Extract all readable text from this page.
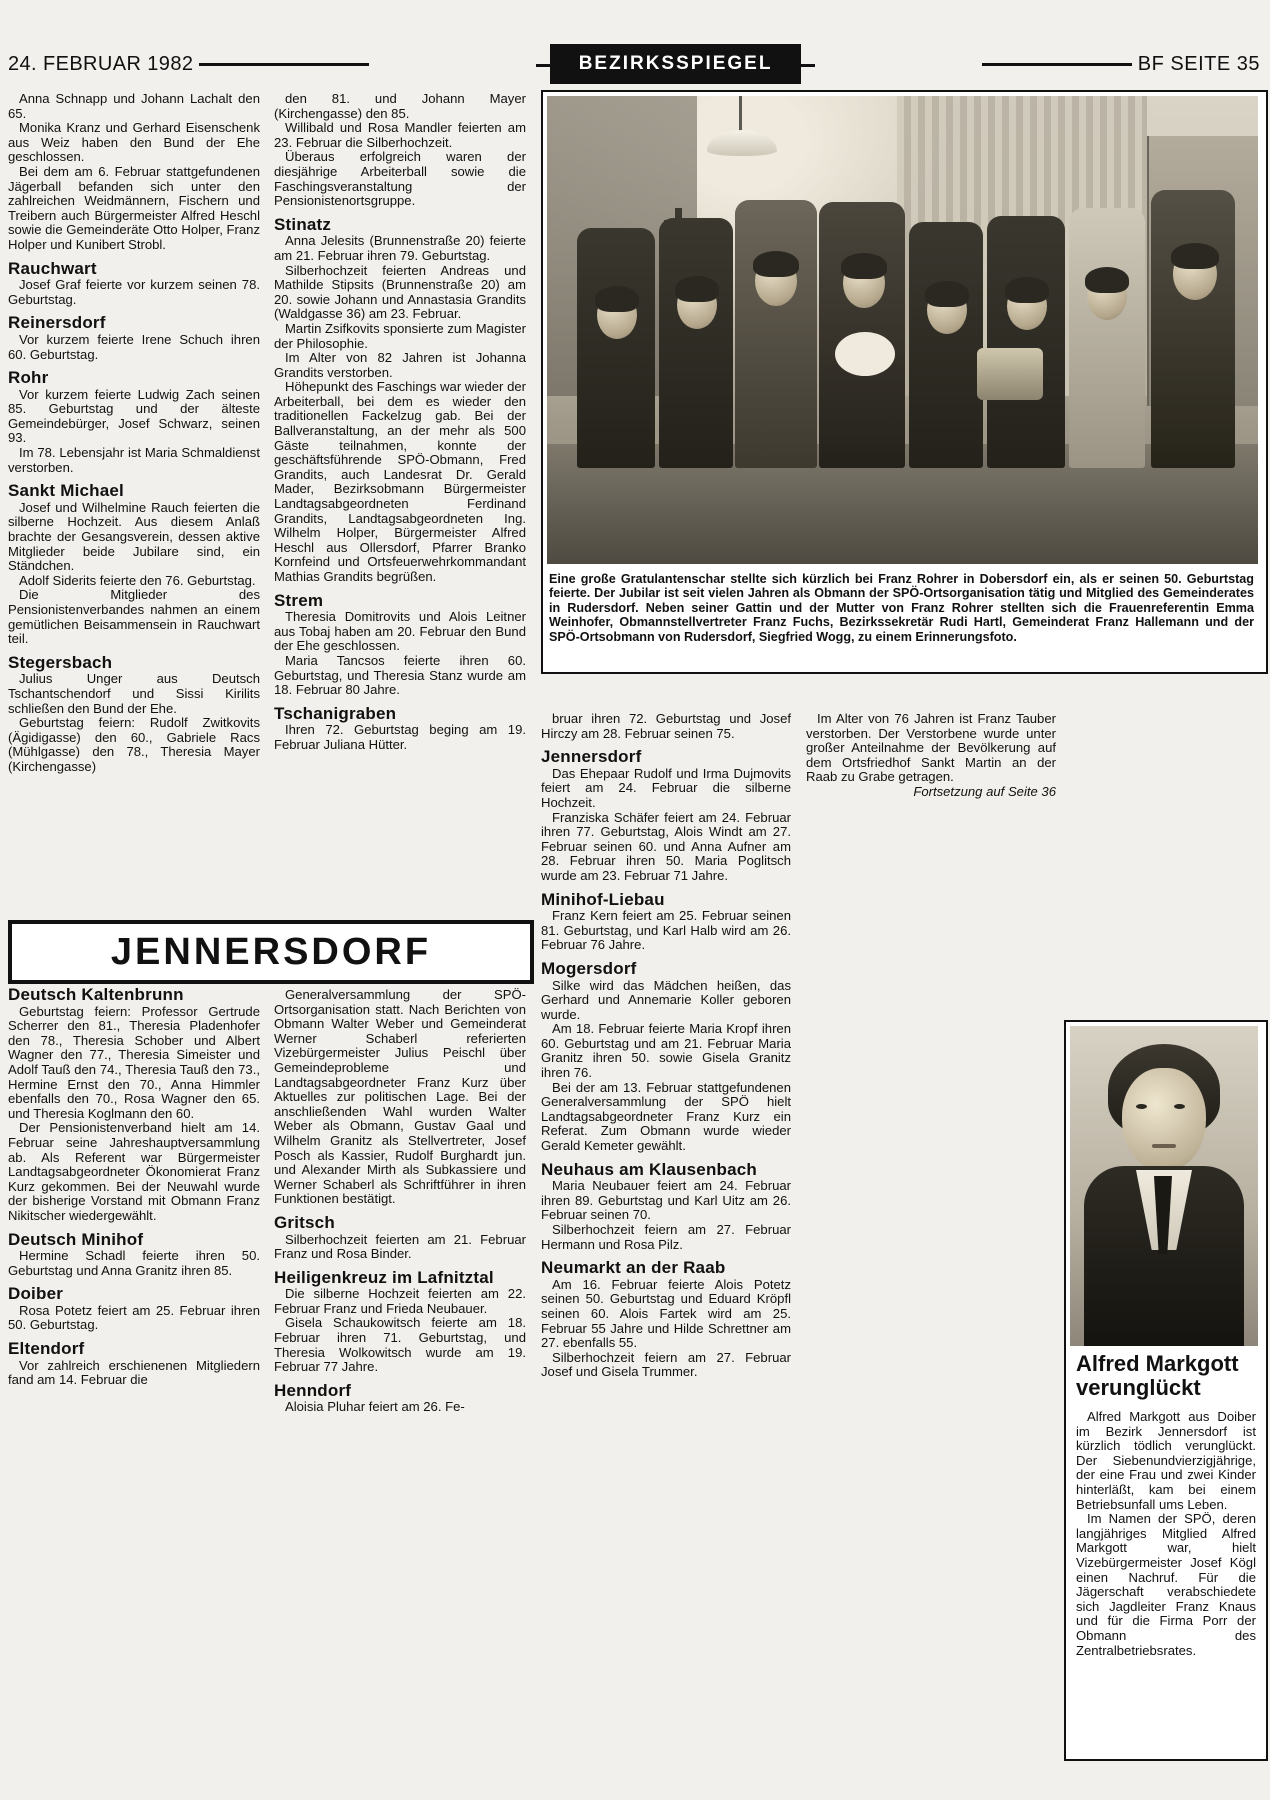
24. FEBRUAR 1982	BEZIRKSSPIEGEL	BF SEITE 35
Eine große Gratulantenschar stellte sich kürzlich bei Franz Rohrer in Dobersdorf ein, als er seinen 50. Geburtstag feierte. Der Jubilar ist seit vielen Jahren als Obmann der SPÖ-Ortsorganisation tätig und Mitglied des Gemeinderates in Rudersdorf. Neben seiner Gattin und der Mutter von Franz Rohrer stellten sich die Frauenreferentin Emma Weinhofer, Obmannstellvertreter Franz Fuchs, Bezirkssekretär Rudi Hartl, Gemeinderat Franz Hallemann und der SPÖ-Ortsobmann von Rudersdorf, Siegfried Wogg, zu einem Erinnerungsfoto.
JENNERSDORF

Anna Schnapp und Johann Lachalt den 65.

Monika Kranz und Gerhard Eisenschenk aus Weiz haben den Bund der Ehe geschlossen.

Bei dem am 6. Februar stattgefundenen Jägerball befanden sich unter den zahlreichen Weidmännern, Fischern und Treibern auch Bürgermeister Alfred Heschl sowie die Gemeinderäte Otto Holper, Franz Holper und Kunibert Strobl.

Rauchwart

Josef Graf feierte vor kurzem seinen 78. Geburtstag.

Reinersdorf

Vor kurzem feierte Irene Schuch ihren 60. Geburtstag.

Rohr

Vor kurzem feierte Ludwig Zach seinen 85. Geburtstag und der älteste Gemeindebürger, Josef Schwarz, seinen 93.

Im 78. Lebensjahr ist Maria Schmaldienst verstorben.

Sankt Michael

Josef und Wilhelmine Rauch feierten die silberne Hochzeit. Aus diesem Anlaß brachte der Gesangsverein, dessen aktive Mitglieder beide Jubilare sind, ein Ständchen.

Adolf Siderits feierte den 76. Geburtstag.

Die Mitglieder des Pensionistenverbandes nahmen an einem gemütlichen Beisammensein in Rauchwart teil.

Stegersbach

Julius Unger aus Deutsch Tschantschendorf und Sissi Kirilits schließen den Bund der Ehe.

Geburtstag feiern: Rudolf Zwitkovits (Ägidigasse) den 60., Gabriele Racs (Mühlgasse) den 78., Theresia Mayer (Kirchengasse)

den 81. und Johann Mayer (Kirchengasse) den 85.

Willibald und Rosa Mandler feierten am 23. Februar die Silberhochzeit.

Überaus erfolgreich waren der diesjährige Arbeiterball sowie die Faschingsveranstaltung der Pensionistenortsgruppe.

Stinatz

Anna Jelesits (Brunnenstraße 20) feierte am 21. Februar ihren 79. Geburtstag.

Silberhochzeit feierten Andreas und Mathilde Stipsits (Brunnenstraße 20) am 20. sowie Johann und Annastasia Grandits (Waldgasse 36) am 23. Februar.

Martin Zsifkovits sponsierte zum Magister der Philosophie.

Im Alter von 82 Jahren ist Johanna Grandits verstorben.

Höhepunkt des Faschings war wieder der Arbeiterball, bei dem es wieder den traditionellen Fackelzug gab. Bei der Ballveranstaltung, an der mehr als 500 Gäste teilnahmen, konnte der geschäftsführende SPÖ-Obmann, Fred Grandits, auch Landesrat Dr. Gerald Mader, Bezirksobmann Bürgermeister Landtagsabgeordneten Ferdinand Grandits, Landtagsabgeordneten Ing. Wilhelm Holper, Bürgermeister Alfred Heschl aus Ollersdorf, Pfarrer Branko Kornfeind und Ortsfeuerwehrkommandant Mathias Grandits begrüßen.

Strem

Theresia Domitrovits und Alois Leitner aus Tobaj haben am 20. Februar den Bund der Ehe geschlossen.

Maria Tancsos feierte ihren 60. Geburtstag, und Theresia Stanz wurde am 18. Februar 80 Jahre.

Tschanigraben

Ihren 72. Geburtstag beging am 19. Februar Juliana Hütter.

bruar ihren 72. Geburtstag und Josef Hirczy am 28. Februar seinen 75.

Jennersdorf

Das Ehepaar Rudolf und Irma Dujmovits feiert am 24. Februar die silberne Hochzeit.

Franziska Schäfer feiert am 24. Februar ihren 77. Geburtstag, Alois Windt am 27. Februar seinen 60. und Anna Aufner am 28. Februar ihren 50. Maria Poglitsch wurde am 23. Februar 71 Jahre.

Minihof-Liebau

Franz Kern feiert am 25. Februar seinen 81. Geburtstag, und Karl Halb wird am 26. Februar 76 Jahre.

Mogersdorf

Silke wird das Mädchen heißen, das Gerhard und Annemarie Koller geboren wurde.

Am 18. Februar feierte Maria Kropf ihren 60. Geburtstag und am 21. Februar Maria Granitz ihren 50. sowie Gisela Granitz ihren 76.

Bei der am 13. Februar stattgefundenen Generalversammlung der SPÖ hielt Landtagsabgeordneter Franz Kurz ein Referat. Zum Obmann wurde wieder Gerald Kemeter gewählt.

Neuhaus am Klausenbach

Maria Neubauer feiert am 24. Februar ihren 89. Geburtstag und Karl Uitz am 26. Februar seinen 70.

Silberhochzeit feiern am 27. Februar Hermann und Rosa Pilz.

Neumarkt an der Raab

Am 16. Februar feierte Alois Potetz seinen 50. Geburtstag und Eduard Kröpfl seinen 60. Alois Fartek wird am 25. Februar 55 Jahre und Hilde Schrettner am 27. ebenfalls 55.

Silberhochzeit feiern am 27. Februar Josef und Gisela Trummer.

Im Alter von 76 Jahren ist Franz Tauber verstorben. Der Verstorbene wurde unter großer Anteilnahme der Bevölkerung auf dem Ortsfriedhof Sankt Martin an der Raab zu Grabe getragen.

Fortsetzung auf Seite 36

Deutsch Kaltenbrunn

Geburtstag feiern: Professor Gertrude Scherrer den 81., Theresia Pladenhofer den 78., Theresia Schober und Albert Wagner den 77., Theresia Simeister und Adolf Tauß den 74., Theresia Tauß den 73., Hermine Ernst den 70., Anna Himmler ebenfalls den 70., Rosa Wagner den 65. und Theresia Koglmann den 60.

Der Pensionistenverband hielt am 14. Februar seine Jahreshauptversammlung ab. Als Referent war Bürgermeister Landtagsabgeordneter Ökonomierat Franz Kurz gekommen. Bei der Neuwahl wurde der bisherige Vorstand mit Obmann Franz Nikitscher wiedergewählt.

Deutsch Minihof

Hermine Schadl feierte ihren 50. Geburtstag und Anna Granitz ihren 85.

Doiber

Rosa Potetz feiert am 25. Februar ihren 50. Geburtstag.

Eltendorf

Vor zahlreich erschienenen Mitgliedern fand am 14. Februar die

Generalversammlung der SPÖ-Ortsorganisation statt. Nach Berichten von Obmann Walter Weber und Gemeinderat Werner Schaberl referierten Vizebürgermeister Julius Peischl über Gemeindeprobleme und Landtagsabgeordneter Franz Kurz über Aktuelles zur politischen Lage. Bei der anschließenden Wahl wurden Walter Weber als Obmann, Gustav Gaal und Wilhelm Granitz als Stellvertreter, Josef Posch als Kassier, Rudolf Burghardt jun. und Alexander Mirth als Subkassiere und Werner Schaberl als Schriftführer in ihren Funktionen bestätigt.

Gritsch

Silberhochzeit feierten am 21. Februar Franz und Rosa Binder.

Heiligenkreuz im Lafnitztal

Die silberne Hochzeit feierten am 22. Februar Franz und Frieda Neubauer.

Gisela Schaukowitsch feierte am 18. Februar ihren 71. Geburtstag, und Theresia Wolkowitsch wurde am 19. Februar 77 Jahre.

Henndorf

Aloisia Pluhar feiert am 26. Fe-

Alfred Markgott verunglückt

Alfred Markgott aus Doiber im Bezirk Jennersdorf ist kürzlich tödlich verunglückt. Der Siebenundvierzigjährige, der eine Frau und zwei Kinder hinterläßt, kam bei einem Betriebsunfall ums Leben.

Im Namen der SPÖ, deren langjähriges Mitglied Alfred Markgott war, hielt Vizebürgermeister Josef Kögl einen Nachruf. Für die Jägerschaft verabschiedete sich Jagdleiter Franz Knaus und für die Firma Porr der Obmann des Zentralbetriebsrates.
